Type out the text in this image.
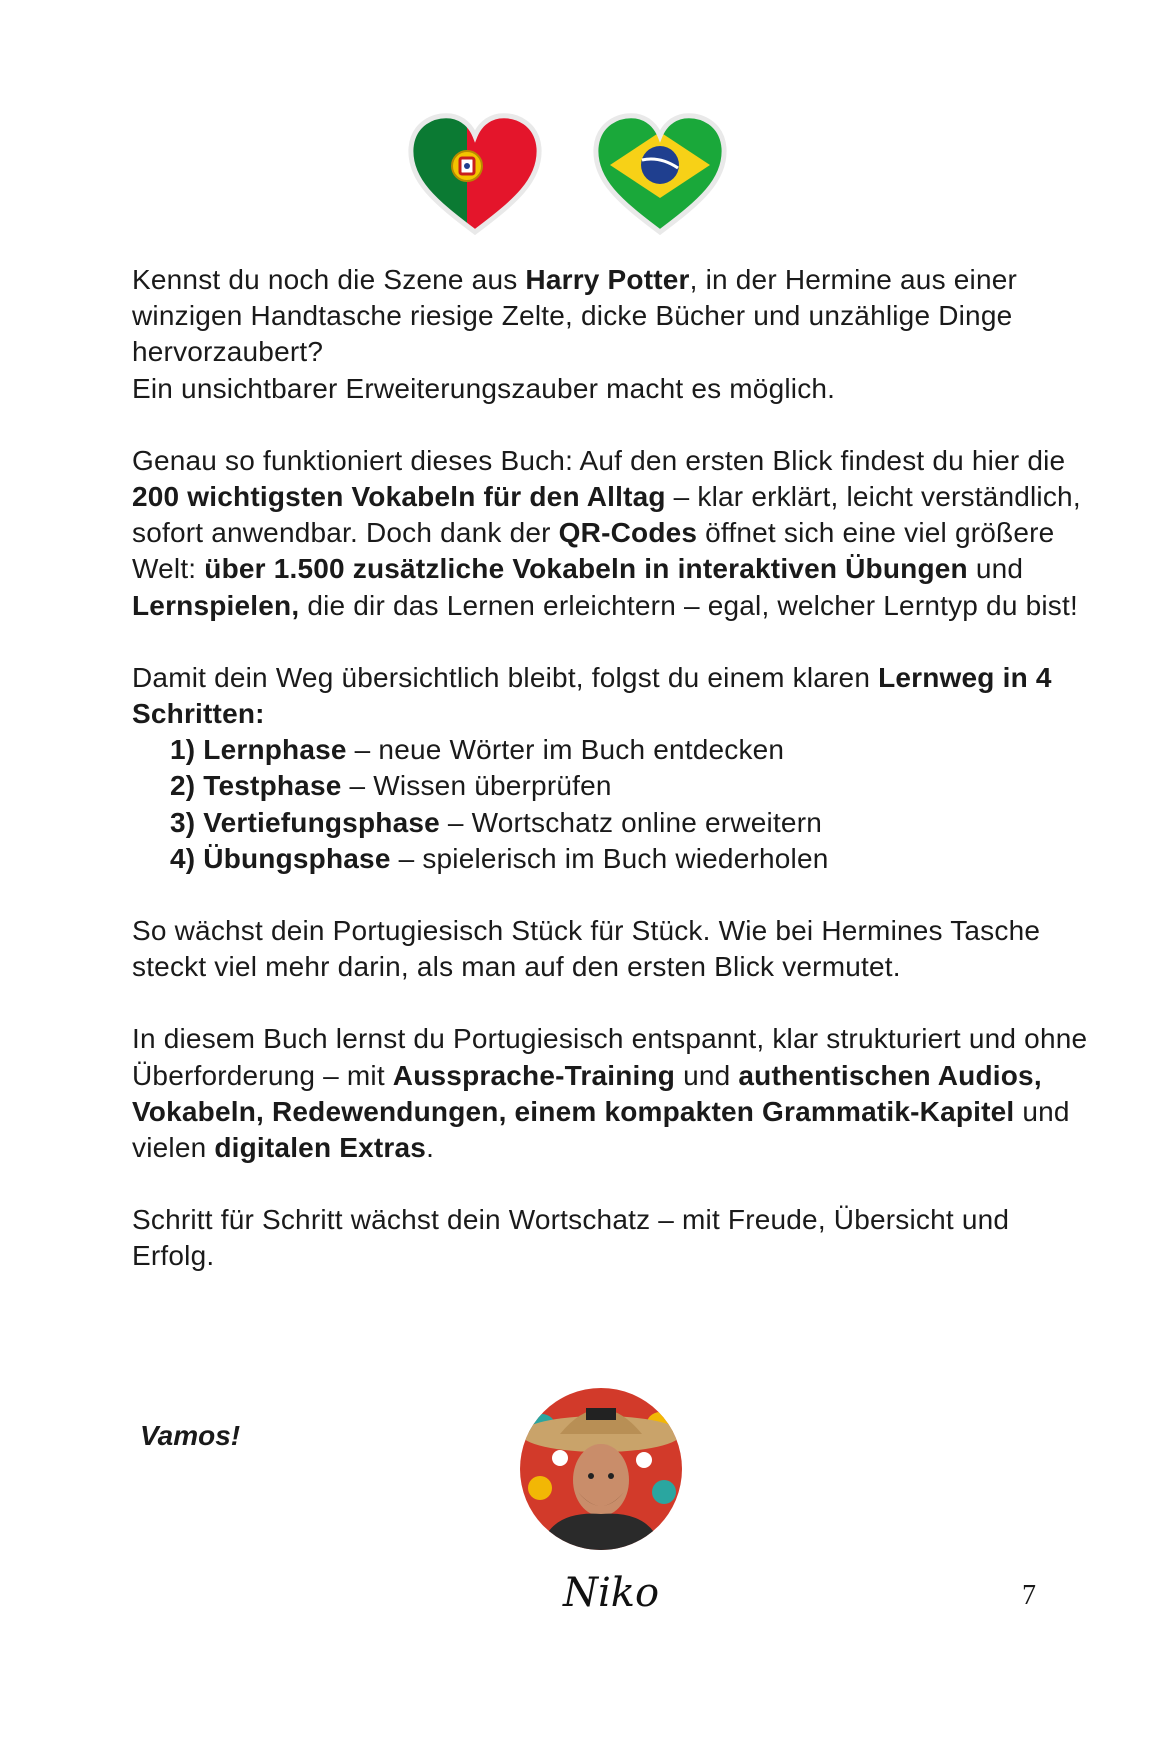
Kennst du noch die Szene aus Harry Potter, in der Hermine aus einer winzigen Handtasche riesige Zelte, dicke Bücher und unzählige Dinge hervorzaubert?

Ein unsichtbarer Erweiterungszauber macht es möglich.

Genau so funktioniert dieses Buch: Auf den ersten Blick findest du hier die 200 wichtigsten Vokabeln für den Alltag – klar erklärt, leicht verständlich, sofort anwendbar. Doch dank der QR-Codes öffnet sich eine viel größere Welt: über 1.500 zusätzliche Vokabeln in interaktiven Übungen und Lernspielen, die dir das Lernen erleichtern – egal, welcher Lerntyp du bist!

Damit dein Weg übersichtlich bleibt, folgst du einem klaren Lernweg in 4 Schritten:

1) Lernphase – neue Wörter im Buch entdecken
2) Testphase – Wissen überprüfen
3) Vertiefungsphase – Wortschatz online erweitern
4) Übungsphase – spielerisch im Buch wiederholen

So wächst dein Portugiesisch Stück für Stück. Wie bei Hermines Tasche steckt viel mehr darin, als man auf den ersten Blick vermutet.

In diesem Buch lernst du Portugiesisch entspannt, klar strukturiert und ohne Überforderung – mit Aussprache-Training und authentischen Audios, Vokabeln, Redewendungen, einem kompakten Grammatik-Kapitel und vielen digitalen Extras.

Schritt für Schritt wächst dein Wortschatz – mit Freude, Übersicht und Erfolg.

Vamos!
Niko	7
